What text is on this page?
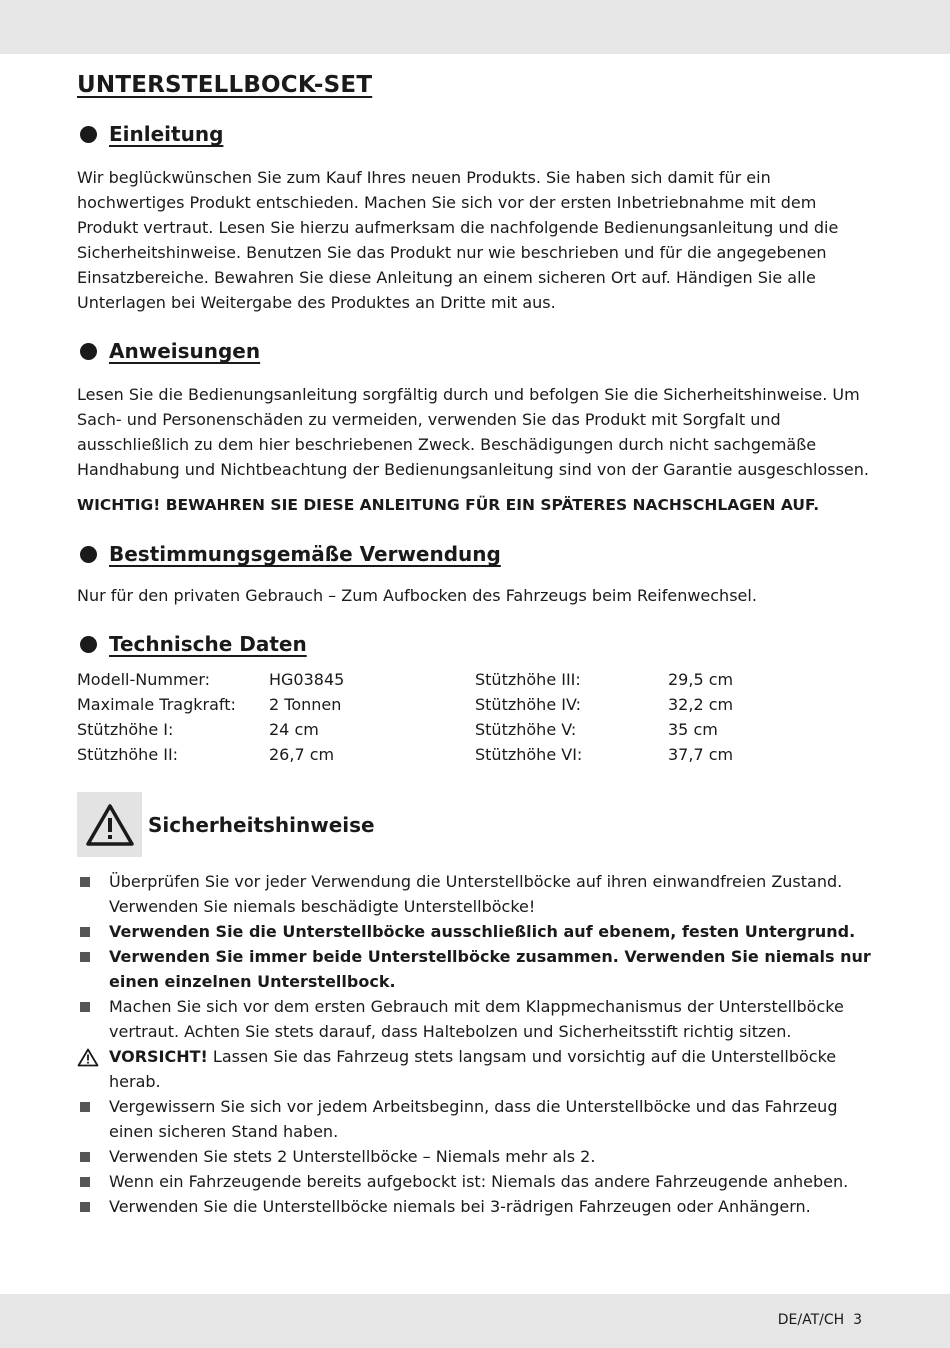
UNTERSTELLBOCK-SET
Einleitung

Wir beglückwünschen Sie zum Kauf Ihres neuen Produkts. Sie haben sich damit für ein hochwertiges Produkt entschieden. Machen Sie sich vor der ersten Inbetriebnahme mit dem Produkt vertraut. Lesen Sie hierzu aufmerksam die nachfolgende Bedienungsanleitung und die Sicherheitshinweise. Benutzen Sie das Produkt nur wie beschrieben und für die angegebenen Einsatzbereiche. Bewahren Sie diese Anleitung an einem sicheren Ort auf. Händigen Sie alle Unterlagen bei Weitergabe des Produktes an Dritte mit aus.

Anweisungen

Lesen Sie die Bedienungsanleitung sorgfältig durch und befolgen Sie die Sicherheitshinweise. Um Sach- und Personenschäden zu vermeiden, verwenden Sie das Produkt mit Sorgfalt und ausschließlich zu dem hier beschriebenen Zweck. Beschädigungen durch nicht sachgemäße Handhabung und Nichtbeachtung der Bedienungsanleitung sind von der Garantie ausgeschlossen.

WICHTIG! BEWAHREN SIE DIESE ANLEITUNG FÜR EIN SPÄTERES NACHSCHLAGEN AUF.
Bestimmungsgemäße Verwendung

Nur für den privaten Gebrauch – Zum Aufbocken des Fahrzeugs beim Reifenwechsel.

Technische Daten
Modell-Nummer:	HG03845	Stützhöhe III:	29,5 cm
Maximale Tragkraft:	2 Tonnen	Stützhöhe IV:	32,2 cm
Stützhöhe I:	24 cm	Stützhöhe V:	35 cm
Stützhöhe II:	26,7 cm	Stützhöhe VI:	37,7 cm
Sicherheitshinweise
Überprüfen Sie vor jeder Verwendung die Unterstellböcke auf ihren einwandfreien Zustand. Verwenden Sie niemals beschädigte Unterstellböcke!
Verwenden Sie die Unterstellböcke ausschließlich auf ebenem, festen Untergrund.
Verwenden Sie immer beide Unterstellböcke zusammen. Verwenden Sie niemals nur einen einzelnen Unterstellbock.
Machen Sie sich vor dem ersten Gebrauch mit dem Klappmechanismus der Unterstellböcke vertraut. Achten Sie stets darauf, dass Haltebolzen und Sicherheitsstift richtig sitzen.
VORSICHT! Lassen Sie das Fahrzeug stets langsam und vorsichtig auf die Unterstellböcke herab.
Vergewissern Sie sich vor jedem Arbeitsbeginn, dass die Unterstellböcke und das Fahrzeug einen sicheren Stand haben.
Verwenden Sie stets 2 Unterstellböcke – Niemals mehr als 2.
Wenn ein Fahrzeugende bereits aufgebockt ist: Niemals das andere Fahrzeugende anheben.
Verwenden Sie die Unterstellböcke niemals bei 3-rädrigen Fahrzeugen oder Anhängern.
DE/AT/CH 3
